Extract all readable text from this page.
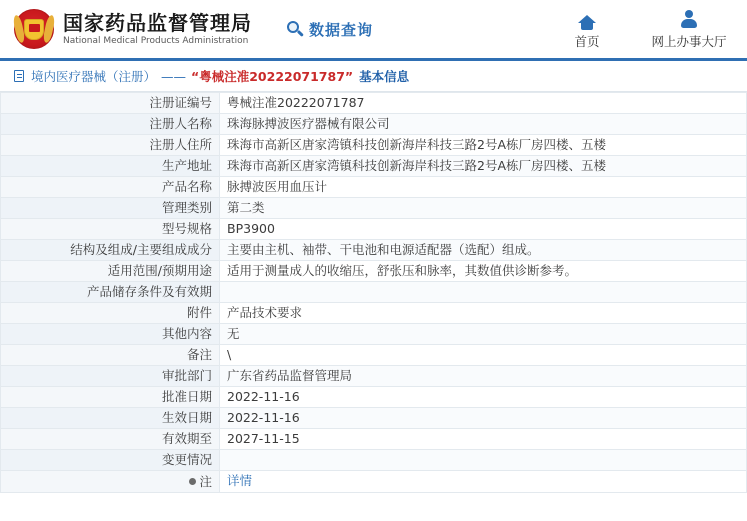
国家药品监督管理局
National Medical Products Administration
数据查询
首页	网上办事大厅
境内医疗器械（注册） —— “粤械注准20222071787” 基本信息
注册证编号	粤械注准20222071787
注册人名称	珠海脉搏波医疗器械有限公司
注册人住所	珠海市高新区唐家湾镇科技创新海岸科技三路2号A栋厂房四楼、五楼
生产地址	珠海市高新区唐家湾镇科技创新海岸科技三路2号A栋厂房四楼、五楼
产品名称	脉搏波医用血压计
管理类别	第二类
型号规格	BP3900
结构及组成/主要组成成分	主要由主机、袖带、干电池和电源适配器（选配）组成。
适用范围/预期用途	适用于测量成人的收缩压，舒张压和脉率，其数值供诊断参考。
产品储存条件及有效期	
附件	产品技术要求
其他内容	无
备注	\
审批部门	广东省药品监督管理局
批准日期	2022-11-16
生效日期	2022-11-16
有效期至	2027-11-15
变更情况	

注	详情
